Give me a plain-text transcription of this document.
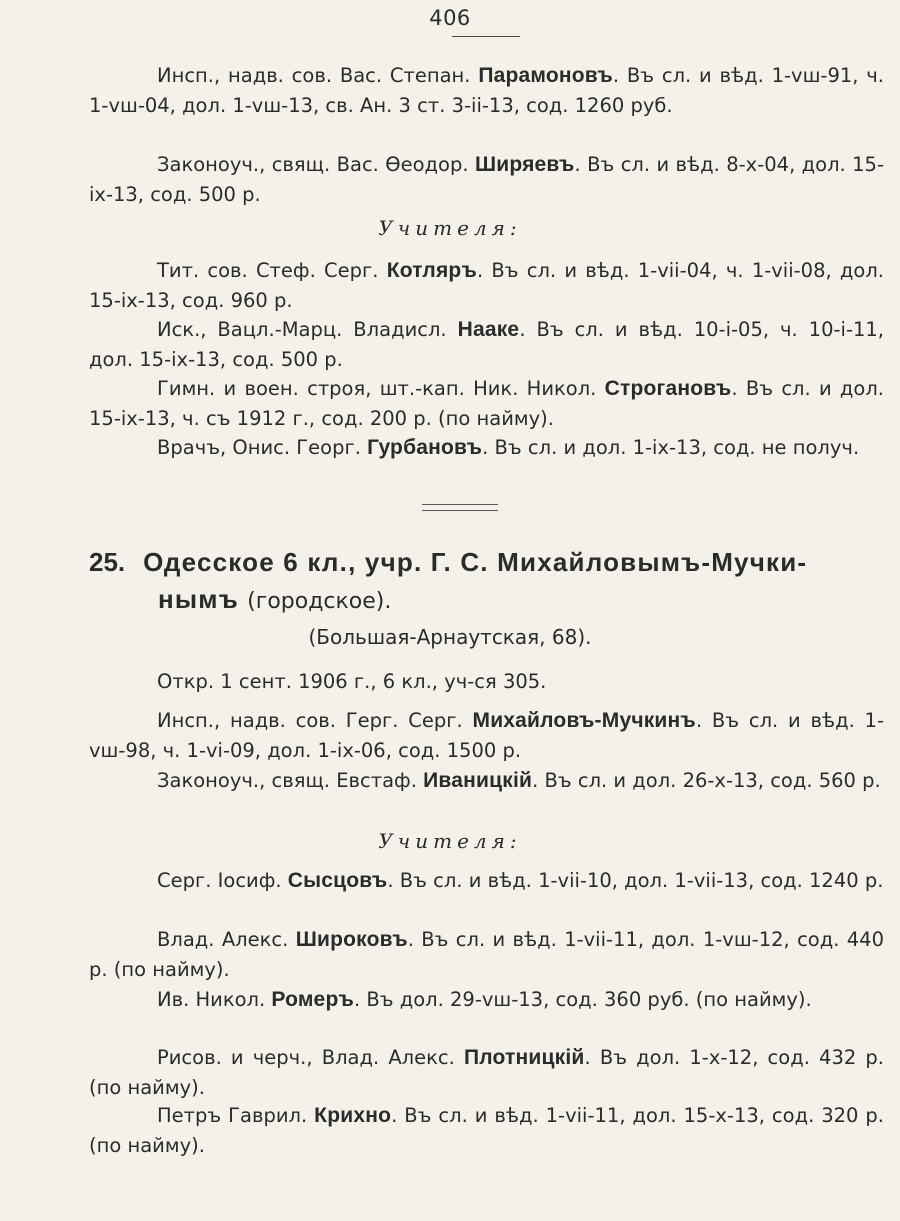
406
Инсп., надв. сов. Вас. Степан. Парамоновъ. Въ сл. и вѣд. 1-vш-91, ч. 1-vш-04, дол. 1-vш-13, св. Ан. 3 ст. 3-ii-13, сод. 1260 руб.
Законоуч., свящ. Вас. Ѳеодор. Ширяевъ. Въ сл. и вѣд. 8-x-04, дол. 15-ix-13, сод. 500 р.
Учителя:
Тит. сов. Стеф. Серг. Котляръ. Въ сл. и вѣд. 1-vii-04, ч. 1-vii-08, дол. 15-ix-13, сод. 960 р.
Иск., Вацл.-Марц. Владисл. Нааке. Въ сл. и вѣд. 10-i-05, ч. 10-i-11, дол. 15-ix-13, сод. 500 р.
Гимн. и воен. строя, шт.-кап. Ник. Никол. Строгановъ. Въ сл. и дол. 15-ix-13, ч. съ 1912 г., сод. 200 р. (по найму).
Врачъ, Онис. Георг. Гурбановъ. Въ сл. и дол. 1-ix-13, сод. не получ.
25. Одесское 6 кл., учр. Г. С. Михайловымъ-Мучки-
нымъ (городское).
(Большая-Арнаутская, 68).
Откр. 1 сент. 1906 г., 6 кл., уч-ся 305.
Инсп., надв. сов. Герг. Серг. Михайловъ-Мучкинъ. Въ сл. и вѣд. 1-vш-98, ч. 1-vi-09, дол. 1-ix-06, сод. 1500 р.
Законоуч., свящ. Евстаф. Иваницкій. Въ сл. и дол. 26-x-13, сод. 560 р.
Учителя:
Серг. Іосиф. Сысцовъ. Въ сл. и вѣд. 1-vii-10, дол. 1-vii-13, сод. 1240 р.
Влад. Алекс. Широковъ. Въ сл. и вѣд. 1-vii-11, дол. 1-vш-12, сод. 440 р. (по найму).
Ив. Никол. Ромеръ. Въ дол. 29-vш-13, сод. 360 руб. (по найму).
Рисов. и черч., Влад. Алекс. Плотницкій. Въ дол. 1-x-12, сод. 432 р. (по найму).
Петръ Гаврил. Крихно. Въ сл. и вѣд. 1-vii-11, дол. 15-x-13, сод. 320 р. (по найму).
